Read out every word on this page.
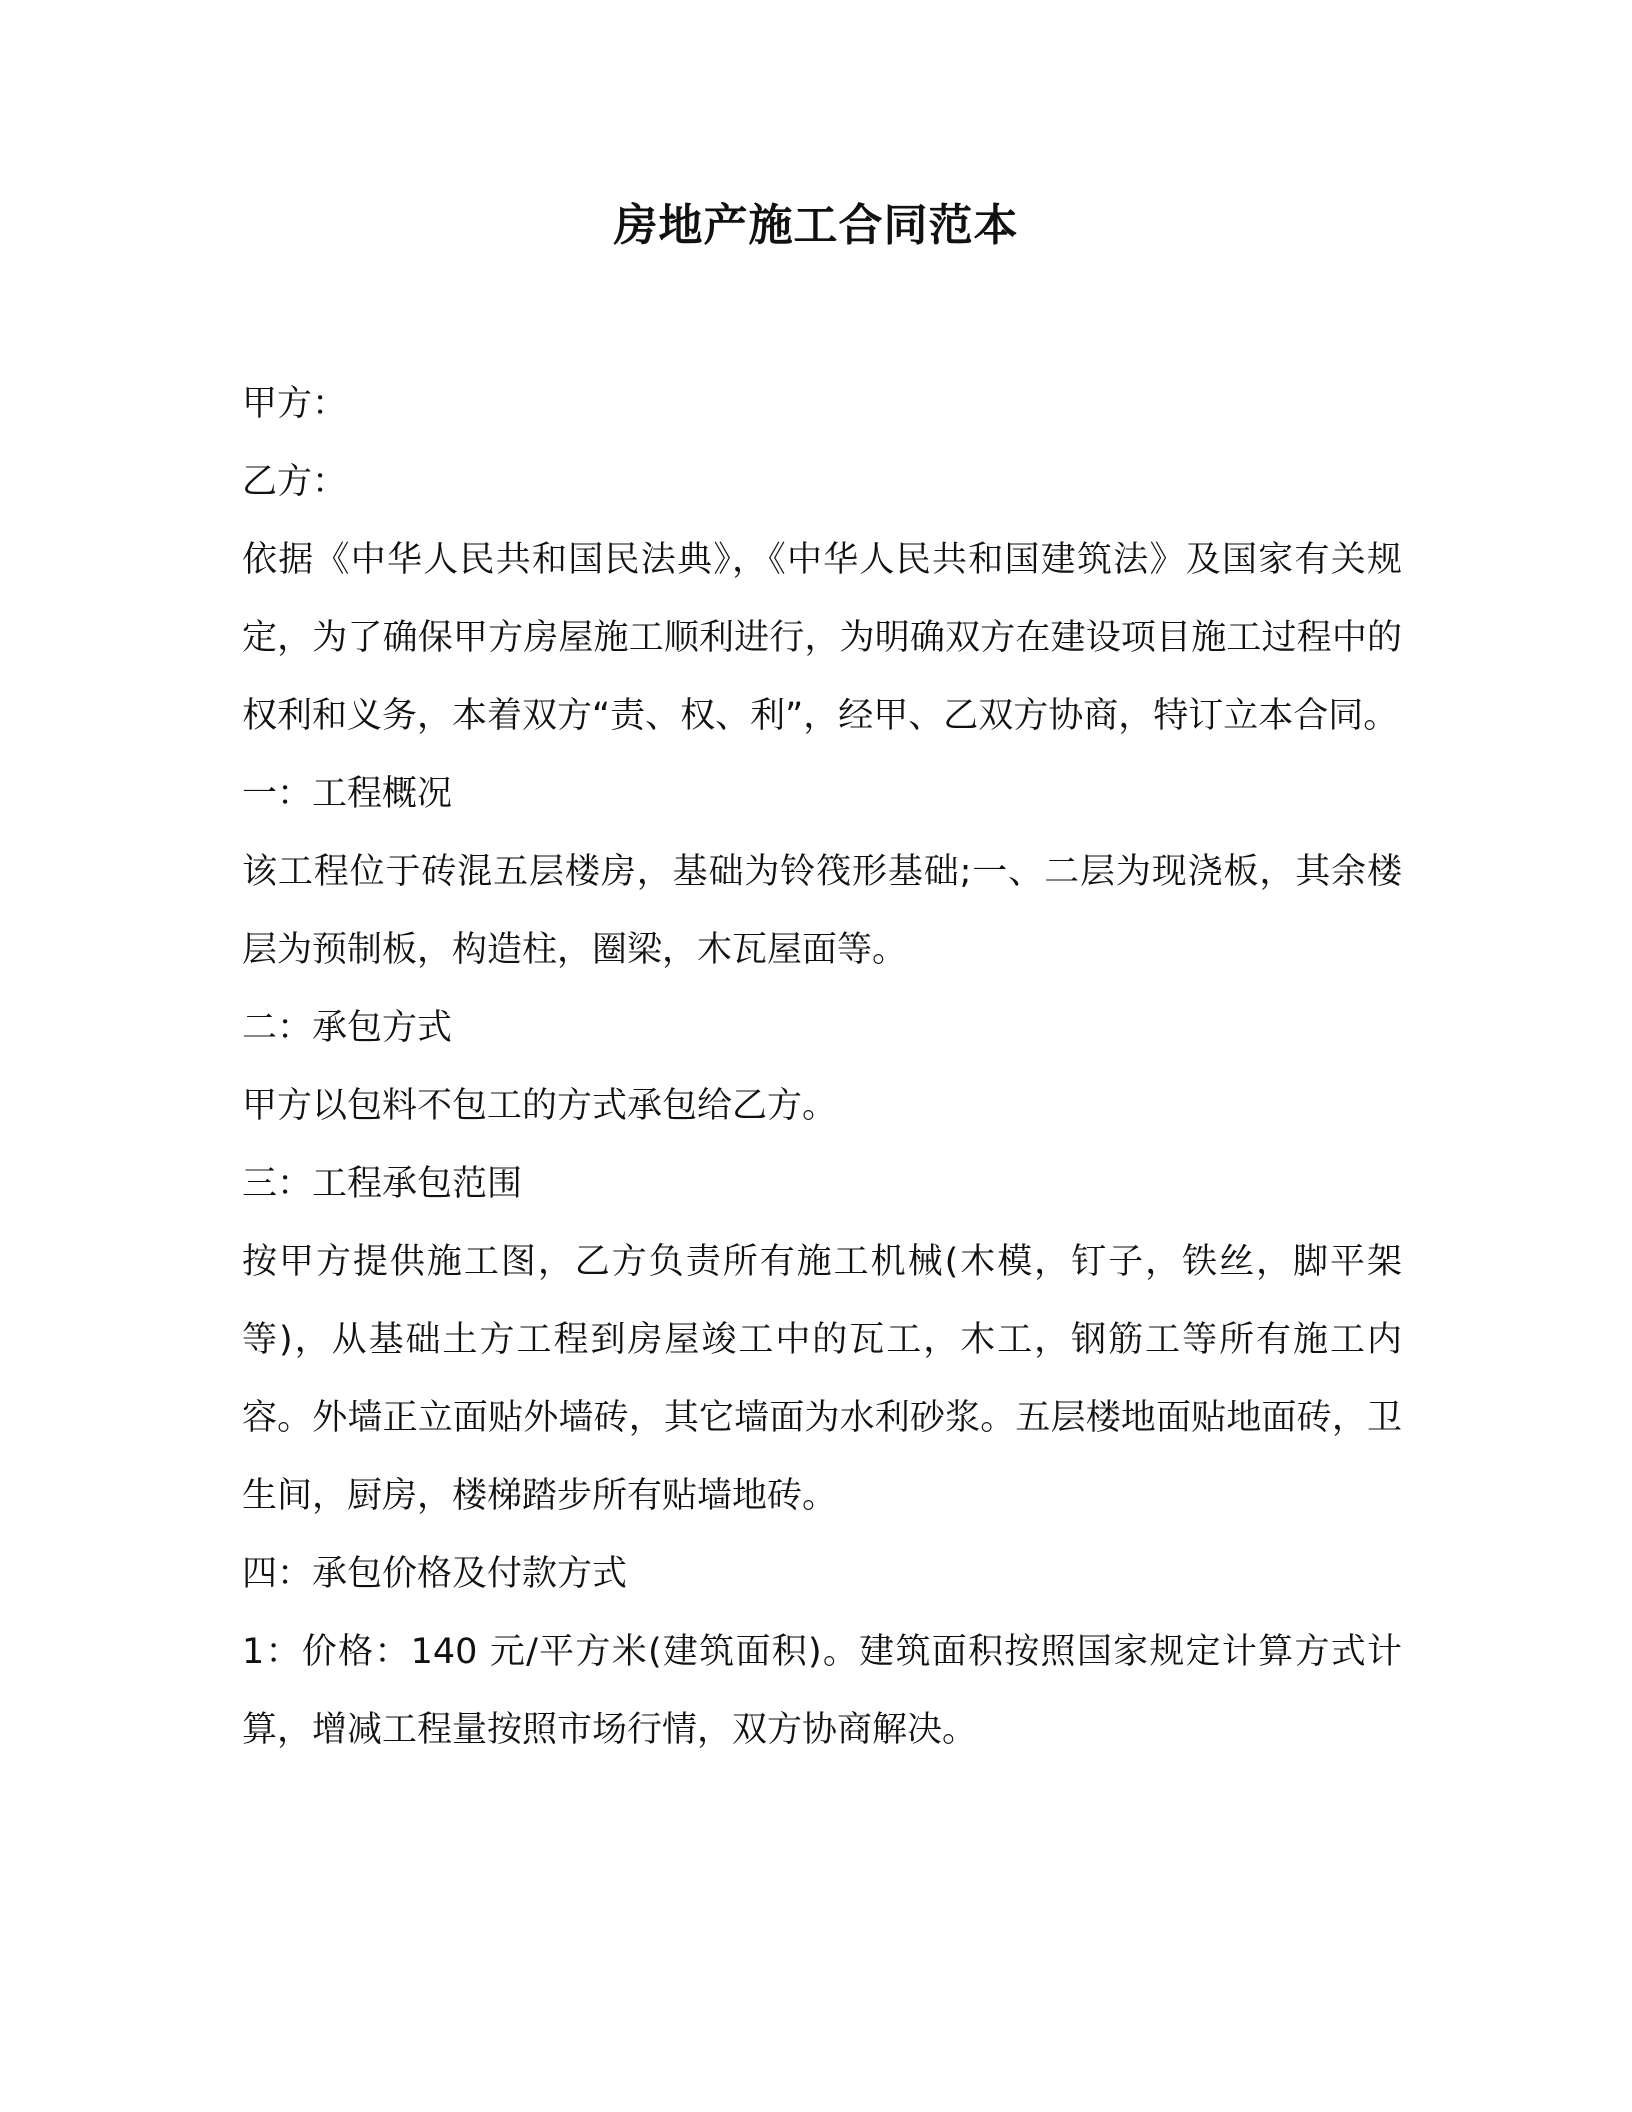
房地产施工合同范本

甲方：

乙方：

依据《中华人民共和国民法典》，《中华人民共和国建筑法》及国家有关规定，为了确保甲方房屋施工顺利进行，为明确双方在建设项目施工过程中的权利和义务，本着双方“责、权、利”，经甲、乙双方协商，特订立本合同。

一：工程概况

该工程位于砖混五层楼房，基础为铃筏形基础;一、二层为现浇板，其余楼层为预制板，构造柱，圈梁，木瓦屋面等。

二：承包方式

甲方以包料不包工的方式承包给乙方。

三：工程承包范围

按甲方提供施工图，乙方负责所有施工机械(木模，钉子，铁丝，脚平架等)，从基础土方工程到房屋竣工中的瓦工，木工，钢筋工等所有施工内容。外墙正立面贴外墙砖，其它墙面为水利砂浆。五层楼地面贴地面砖，卫生间，厨房，楼梯踏步所有贴墙地砖。

四：承包价格及付款方式

1：价格：140 元/平方米(建筑面积)。建筑面积按照国家规定计算方式计算，增减工程量按照市场行情，双方协商解决。
